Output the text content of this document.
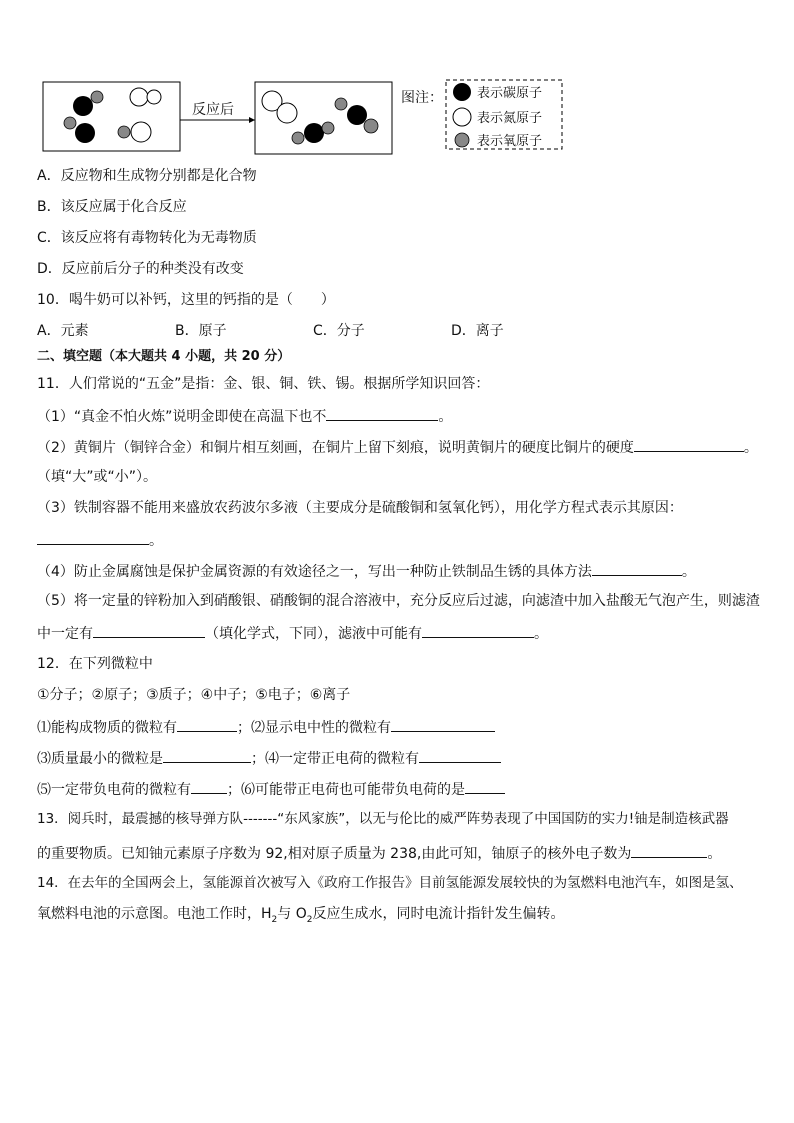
反应后
图注：	表示碳原子
表示氮原子
表示氧原子
A．反应物和生成物分别都是化合物
B．该反应属于化合反应
C．该反应将有毒物转化为无毒物质
D．反应前后分子的种类没有改变
10．喝牛奶可以补钙，这里的钙指的是（　　）
A．元素	B．原子	C．分子	D．离子
二、填空题（本大题共 4 小题，共 20 分）
11．人们常说的“五金”是指：金、银、铜、铁、锡。根据所学知识回答：
（1）“真金不怕火炼”说明金即使在高温下也不	。
（2）黄铜片（铜锌合金）和铜片相互刻画，在铜片上留下刻痕，说明黄铜片的硬度比铜片的硬度	。
（填“大”或“小”）。
（3）铁制容器不能用来盛放农药波尔多液（主要成分是硫酸铜和氢氧化钙），用化学方程式表示其原因：
。
（4）防止金属腐蚀是保护金属资源的有效途径之一，写出一种防止铁制品生锈的具体方法	。
（5）将一定量的锌粉加入到硝酸银、硝酸铜的混合溶液中，充分反应后过滤，向滤渣中加入盐酸无气泡产生，则滤渣
中一定有	（填化学式，下同），滤液中可能有	。
12．在下列微粒中
①分子；②原子；③质子；④中子；⑤电子；⑥离子
⑴能构成物质的微粒有	；⑵显示电中性的微粒有
⑶质量最小的微粒是	；⑷一定带正电荷的微粒有
⑸一定带负电荷的微粒有	；⑹可能带正电荷也可能带负电荷的是
13．阅兵时，最震撼的核导弹方队-------“东风家族”，以无与伦比的威严阵势表现了中国国防的实力!铀是制造核武器
的重要物质。已知铀元素原子序数为 92,相对原子质量为 238,由此可知，铀原子的核外电子数为	。
14．在去年的全国两会上，氢能源首次被写入《政府工作报告》目前氢能源发展较快的为氢燃料电池汽车，如图是氢、
氧燃料电池的示意图。电池工作时，$H_2$与 $O_2$反应生成水，同时电流计指针发生偏转。
